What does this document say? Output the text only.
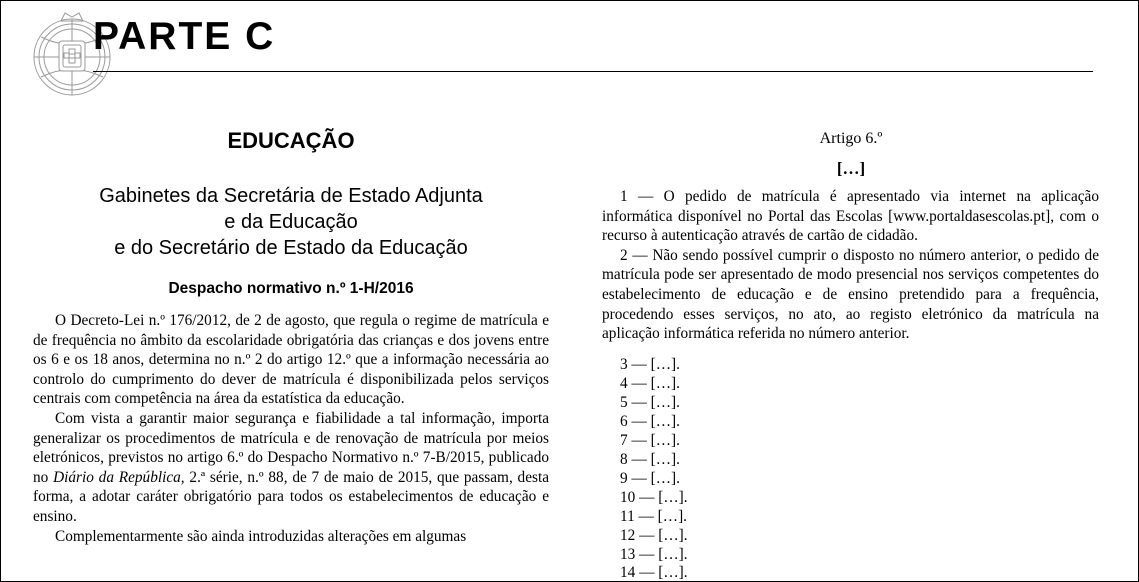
PARTE C
EDUCAÇÃO
Gabinetes da Secretária de Estado Adjunta
e da Educação
e do Secretário de Estado da Educação
Despacho normativo n.º 1-H/2016

O Decreto-Lei n.º 176/2012, de 2 de agosto, que regula o regime de matrícula e de frequência no âmbito da escolaridade obrigatória das crianças e dos jovens entre os 6 e os 18 anos, determina no n.º 2 do artigo 12.º que a informação necessária ao controlo do cumprimento do dever de matrícula é disponibilizada pelos serviços centrais com competência na área da estatística da educação.

Com vista a garantir maior segurança e fiabilidade a tal informação, importa generalizar os procedimentos de matrícula e de renovação de matrícula por meios eletrónicos, previstos no artigo 6.º do Despacho Normativo n.º 7-B/2015, publicado no Diário da República, 2.ª série, n.º 88, de 7 de maio de 2015, que passam, desta forma, a adotar caráter obrigatório para todos os estabelecimentos de educação e ensino.

Complementarmente são ainda introduzidas alterações em algumas

Artigo 6.º
[…]

1 — O pedido de matrícula é apresentado via internet na aplicação informática disponível no Portal das Escolas [www.portaldasescolas.pt], com o recurso à autenticação através de cartão de cidadão.

2 — Não sendo possível cumprir o disposto no número anterior, o pedido de matrícula pode ser apresentado de modo presencial nos serviços competentes do estabelecimento de educação e de ensino pretendido para a frequência, procedendo esses serviços, no ato, ao registo eletrónico da matrícula na aplicação informática referida no número anterior.

3 — […].
4 — […].
5 — […].
6 — […].
7 — […].
8 — […].
9 — […].
10 — […].
11 — […].
12 — […].
13 — […].
14 — […].
